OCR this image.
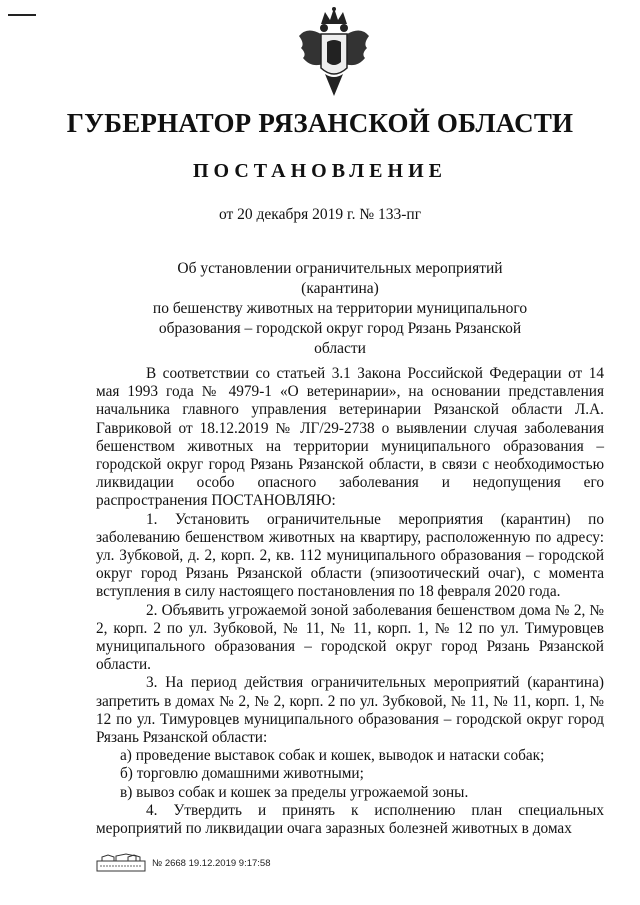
ГУБЕРНАТОР РЯЗАНСКОЙ ОБЛАСТИ
ПОСТАНОВЛЕНИЕ
от 20 декабря 2019 г. № 133-пг
Об установлении ограничительных мероприятий (карантина)
по бешенству животных на территории муниципального
образования – городской округ город Рязань Рязанской области

В соответствии со статьей 3.1 Закона Российской Федерации от 14 мая 1993 года № 4979-1 «О ветеринарии», на основании представления начальника главного управления ветеринарии Рязанской области Л.А. Гавриковой от 18.12.2019 № ЛГ/29-2738 о выявлении случая заболевания бешенством животных на территории муниципального образования – городской округ город Рязань Рязанской области, в связи с необходимостью ликвидации особо опасного заболевания и недопущения его распространения ПОСТАНОВЛЯЮ:

1. Установить ограничительные мероприятия (карантин) по заболеванию бешенством животных на квартиру, расположенную по адресу: ул. Зубковой, д. 2, корп. 2, кв. 112 муниципального образования – городской округ город Рязань Рязанской области (эпизоотический очаг), с момента вступления в силу настоящего постановления по 18 февраля 2020 года.

2. Объявить угрожаемой зоной заболевания бешенством дома № 2, № 2, корп. 2 по ул. Зубковой, № 11, № 11, корп. 1, № 12 по ул. Тимуровцев муниципального образования – городской округ город Рязань Рязанской области.

3. На период действия ограничительных мероприятий (карантина) запретить в домах № 2, № 2, корп. 2 по ул. Зубковой, № 11, № 11, корп. 1, № 12 по ул. Тимуровцев муниципального образования – городской округ город Рязань Рязанской области:

а) проведение выставок собак и кошек, выводок и натаски собак;

б) торговлю домашними животными;

в) вывоз собак и кошек за пределы угрожаемой зоны.

4. Утвердить и принять к исполнению план специальных мероприятий по ликвидации очага заразных болезней животных в домах

№ 2668 19.12.2019 9:17:58
